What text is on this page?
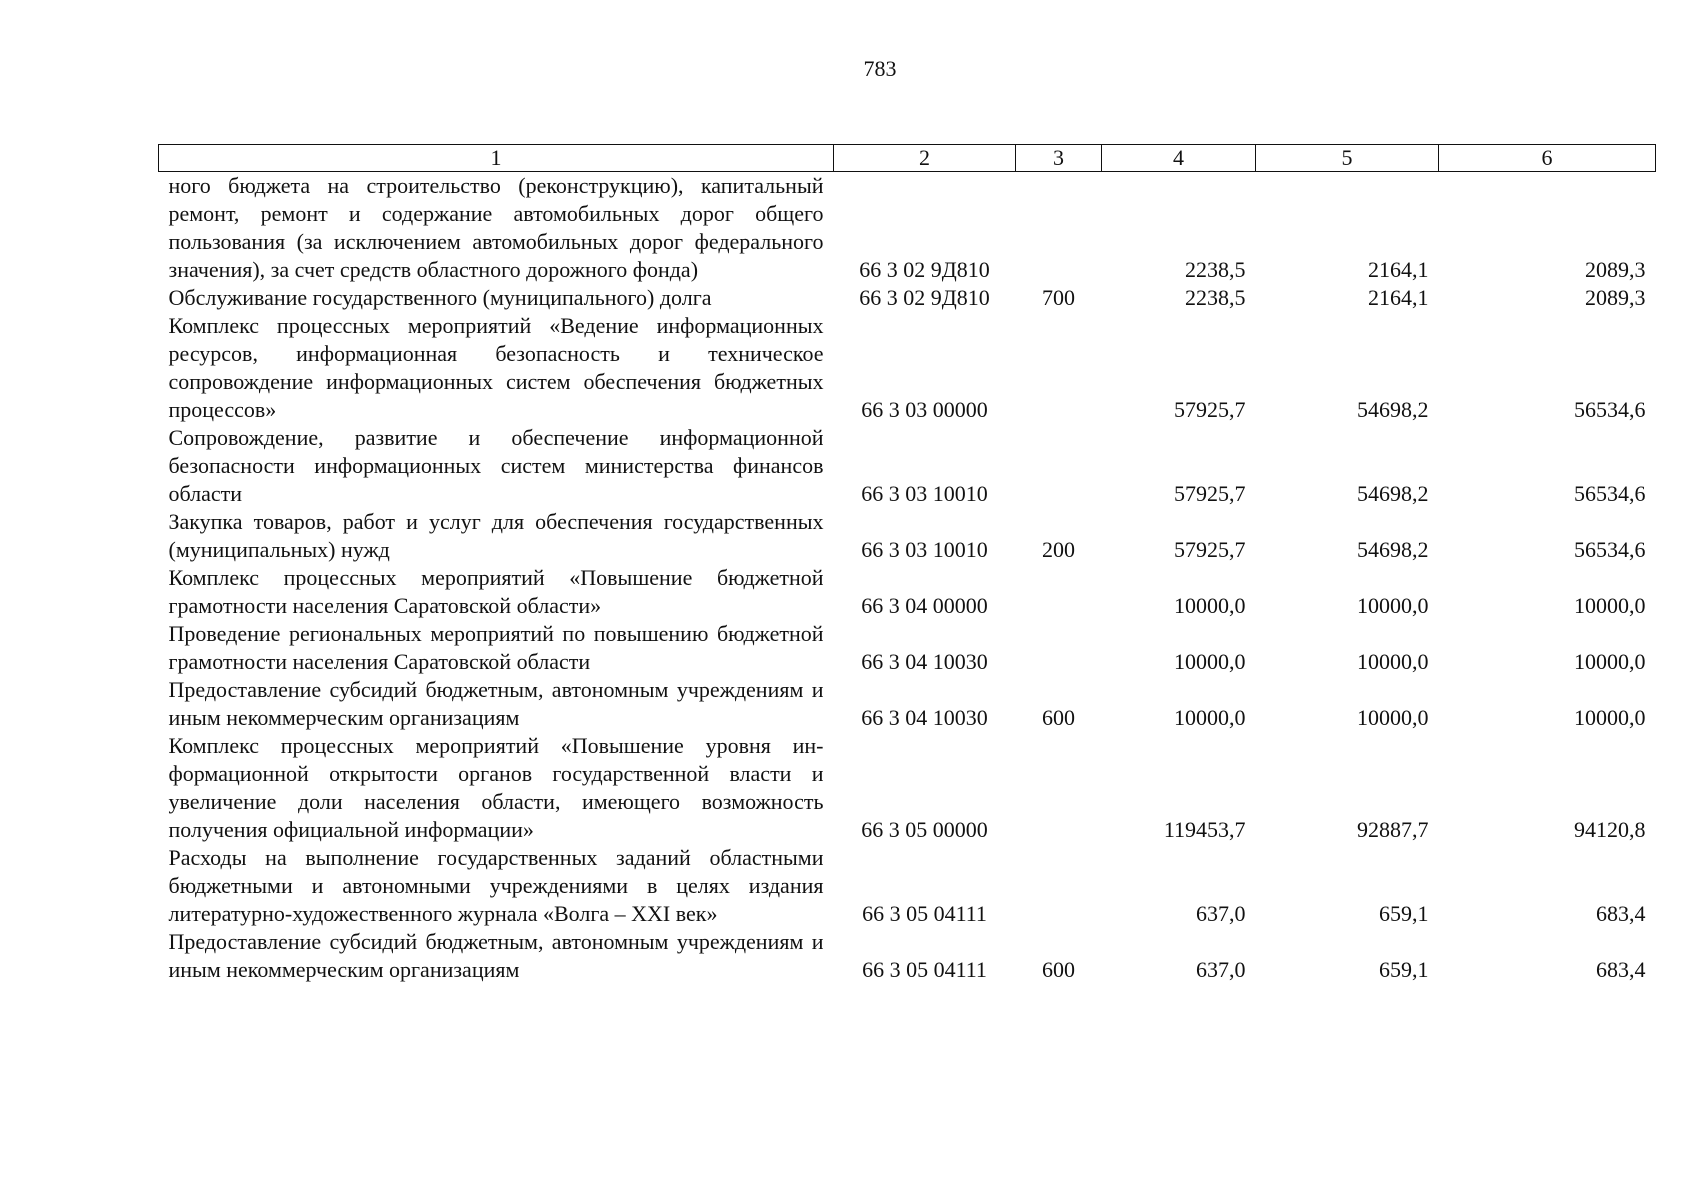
783
1	2	3	4	5	6
ного бюджета на строительство (реконструкцию), капитальный ремонт, ремонт и содержание автомобильных дорог общего пользования (за исключением автомобильных дорог федерального значения), за счет средств областного дорожного фонда)	66 3 02 9Д810		2238,5	2164,1	2089,3
Обслуживание государственного (муниципального) долга	66 3 02 9Д810	700	2238,5	2164,1	2089,3
Комплекс процессных мероприятий «Ведение информационных ресурсов, информационная безопасность и техническое сопровождение информационных систем обеспечения бюджетных процессов»	66 3 03 00000		57925,7	54698,2	56534,6
Сопровождение, развитие и обеспечение информационной безопасности информационных систем министерства финансов области	66 3 03 10010		57925,7	54698,2	56534,6
Закупка товаров, работ и услуг для обеспечения государственных (муниципальных) нужд	66 3 03 10010	200	57925,7	54698,2	56534,6
Комплекс процессных мероприятий «Повышение бюджетной грамотности населения Саратовской области»	66 3 04 00000		10000,0	10000,0	10000,0
Проведение региональных мероприятий по повышению бюджетной грамотности населения Саратовской области	66 3 04 10030		10000,0	10000,0	10000,0
Предоставление субсидий бюджетным, автономным учреждениям и иным некоммерческим организациям	66 3 04 10030	600	10000,0	10000,0	10000,0
Комплекс процессных мероприятий «Повышение уровня информационной открытости органов государственной власти и увеличение доли населения области, имеющего возможность получения официальной информации»	66 3 05 00000		119453,7	92887,7	94120,8
Расходы на выполнение государственных заданий областными бюджетными и автономными учреждениями в целях издания литературно-художественного журнала «Волга – XXI век»	66 3 05 04111		637,0	659,1	683,4
Предоставление субсидий бюджетным, автономным учреждениям и иным некоммерческим организациям	66 3 05 04111	600	637,0	659,1	683,4
